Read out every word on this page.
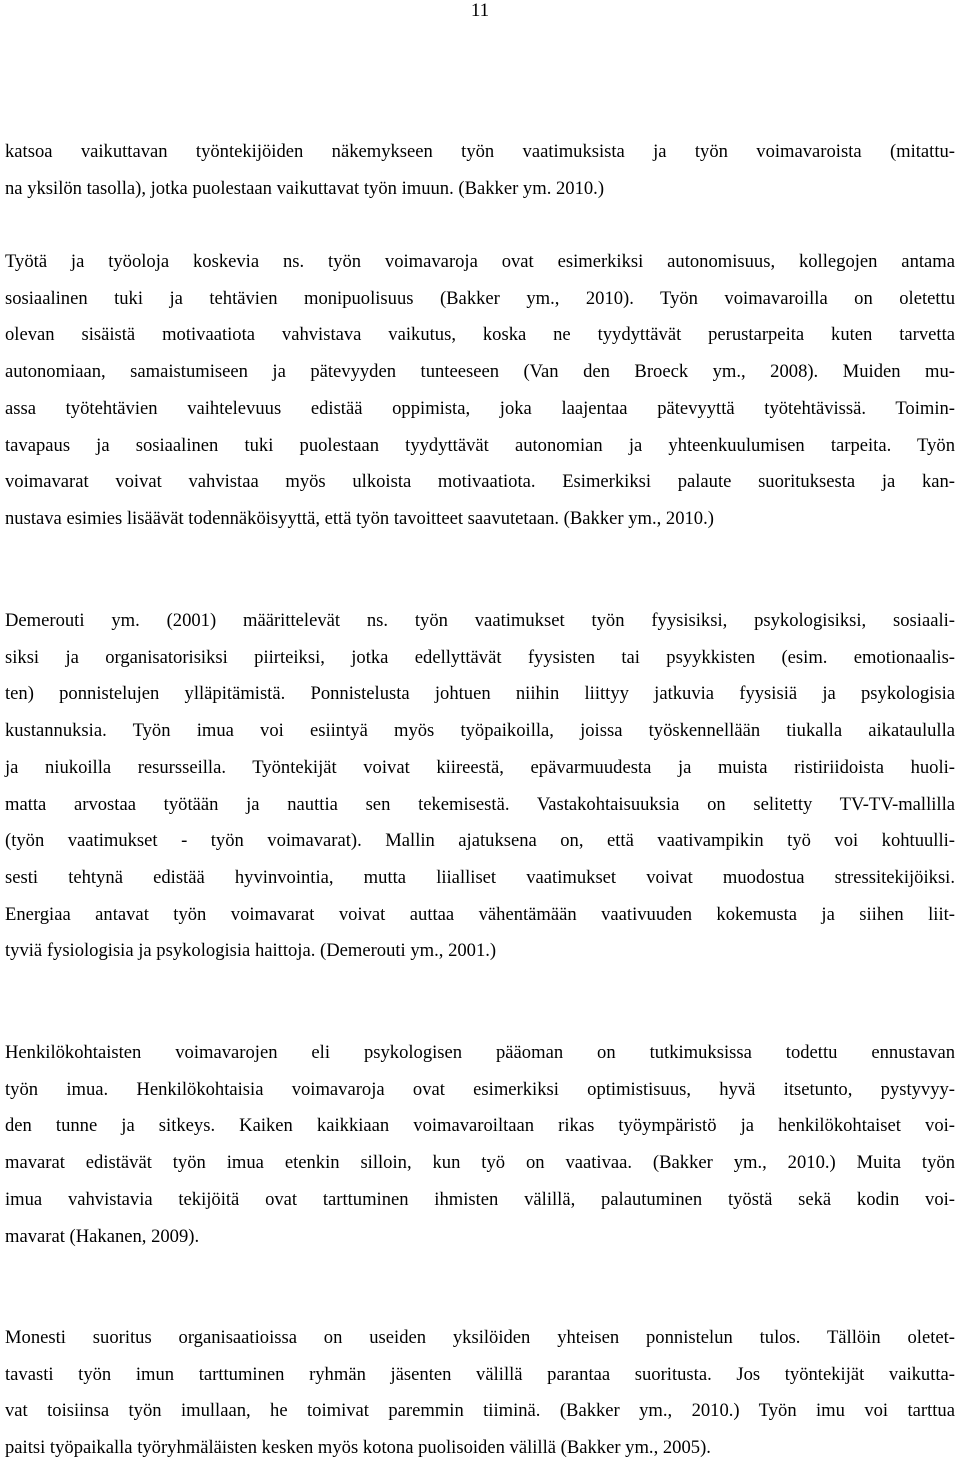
11
katsoa vaikuttavan työntekijöiden näkemykseen työn vaatimuksista ja työn voimavaroista (mitattu-
na yksilön tasolla), jotka puolestaan vaikuttavat työn imuun. (Bakker ym. 2010.)
Työtä ja työoloja koskevia ns. työn voimavaroja ovat esimerkiksi autonomisuus, kollegojen antama
sosiaalinen tuki ja tehtävien monipuolisuus (Bakker ym., 2010). Työn voimavaroilla on oletettu
olevan sisäistä motivaatiota vahvistava vaikutus, koska ne tyydyttävät perustarpeita kuten tarvetta
autonomiaan, samaistumiseen ja pätevyyden tunteeseen (Van den Broeck ym., 2008). Muiden mu-
assa työtehtävien vaihtelevuus edistää oppimista, joka laajentaa pätevyyttä työtehtävissä. Toimin-
tavapaus ja sosiaalinen tuki puolestaan tyydyttävät autonomian ja yhteenkuulumisen tarpeita. Työn
voimavarat voivat vahvistaa myös ulkoista motivaatiota. Esimerkiksi palaute suorituksesta ja kan-
nustava esimies lisäävät todennäköisyyttä, että työn tavoitteet saavutetaan. (Bakker ym., 2010.)
Demerouti ym. (2001) määrittelevät ns. työn vaatimukset työn fyysisiksi, psykologisiksi, sosiaali-
siksi ja organisatorisiksi piirteiksi, jotka edellyttävät fyysisten tai psyykkisten (esim. emotionaalis-
ten) ponnistelujen ylläpitämistä. Ponnistelusta johtuen niihin liittyy jatkuvia fyysisiä ja psykologisia
kustannuksia. Työn imua voi esiintyä myös työpaikoilla, joissa työskennellään tiukalla aikataululla
ja niukoilla resursseilla. Työntekijät voivat kiireestä, epävarmuudesta ja muista ristiriidoista huoli-
matta arvostaa työtään ja nauttia sen tekemisestä. Vastakohtaisuuksia on selitetty TV-TV-mallilla
(työn vaatimukset - työn voimavarat). Mallin ajatuksena on, että vaativampikin työ voi kohtuulli-
sesti tehtynä edistää hyvinvointia, mutta liialliset vaatimukset voivat muodostua stressitekijöiksi.
Energiaa antavat työn voimavarat voivat auttaa vähentämään vaativuuden kokemusta ja siihen liit-
tyviä fysiologisia ja psykologisia haittoja. (Demerouti ym., 2001.)
Henkilökohtaisten voimavarojen eli psykologisen pääoman on tutkimuksissa todettu ennustavan
työn imua. Henkilökohtaisia voimavaroja ovat esimerkiksi optimistisuus, hyvä itsetunto, pystyvyy-
den tunne ja sitkeys. Kaiken kaikkiaan voimavaroiltaan rikas työympäristö ja henkilökohtaiset voi-
mavarat edistävät työn imua etenkin silloin, kun työ on vaativaa. (Bakker ym., 2010.) Muita työn
imua vahvistavia tekijöitä ovat tarttuminen ihmisten välillä, palautuminen työstä sekä kodin voi-
mavarat (Hakanen, 2009).
Monesti suoritus organisaatioissa on useiden yksilöiden yhteisen ponnistelun tulos. Tällöin oletet-
tavasti työn imun tarttuminen ryhmän jäsenten välillä parantaa suoritusta. Jos työntekijät vaikutta-
vat toisiinsa työn imullaan, he toimivat paremmin tiiminä. (Bakker ym., 2010.) Työn imu voi tarttua
paitsi työpaikalla työryhmäläisten kesken myös kotona puolisoiden välillä (Bakker ym., 2005).
